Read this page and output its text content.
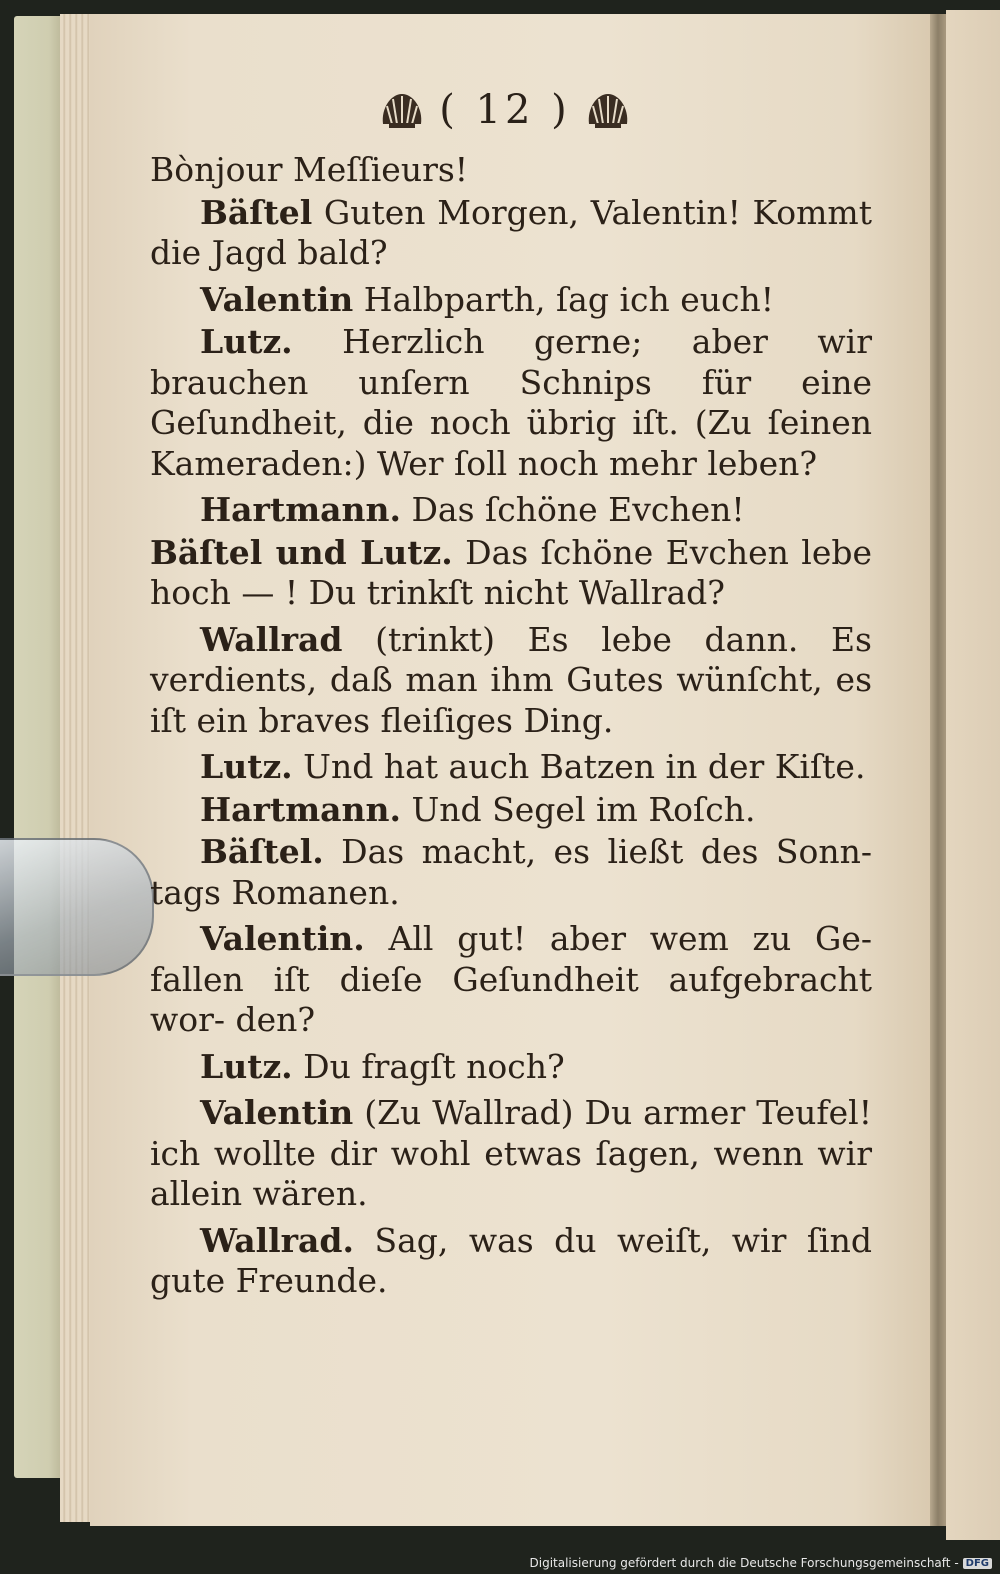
( 12 )

Bònjour Meſſieurs!

Bäſtel Guten Morgen, Valentin! Kommt die Jagd bald?

Valentin Halbparth, ſag ich euch!

Lutz. Herzlich gerne; aber wir brauchen unſern Schnips für eine Geſundheit, die noch übrig iſt. (Zu ſeinen Kameraden:) Wer ſoll noch mehr leben?

Hartmann. Das ſchöne Evchen!

Bäſtel und Lutz. Das ſchöne Evchen lebe hoch — ! Du trinkſt nicht Wallrad?

Wallrad (trinkt) Es lebe dann. Es verdients, daß man ihm Gutes wünſcht, es iſt ein braves fleiſiges Ding.

Lutz. Und hat auch Batzen in der Kiſte.

Hartmann. Und Segel im Roſch.

Bäſtel. Das macht, es ließt des Sonn- tags Romanen.

Valentin. All gut! aber wem zu Ge- fallen iſt dieſe Geſundheit aufgebracht wor- den?

Lutz. Du fragſt noch?

Valentin (Zu Wallrad) Du armer Teufel! ich wollte dir wohl etwas ſagen, wenn wir allein wären.

Wallrad. Sag, was du weiſt, wir ſind gute Freunde.

Digitalisierung gefördert durch die Deutsche Forschungsgemeinschaft - DFG
